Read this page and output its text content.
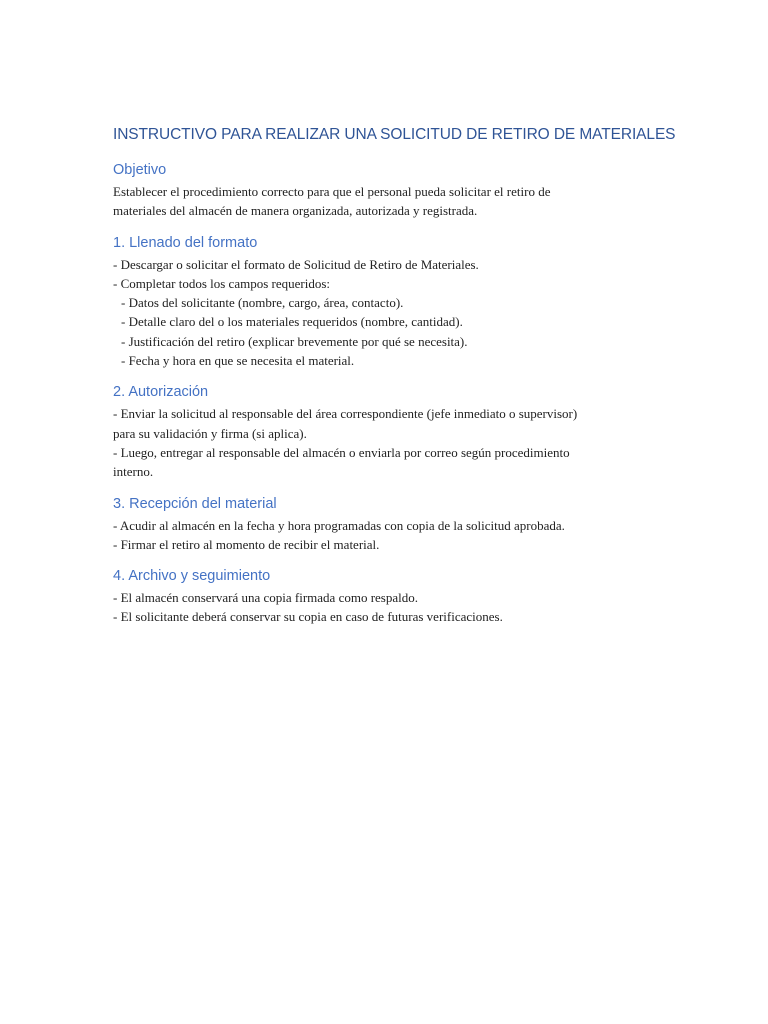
INSTRUCTIVO PARA REALIZAR UNA SOLICITUD DE RETIRO DE MATERIALES
Objetivo

Establecer el procedimiento correcto para que el personal pueda solicitar el retiro de

materiales del almacén de manera organizada, autorizada y registrada.

1. Llenado del formato

- Descargar o solicitar el formato de Solicitud de Retiro de Materiales.

- Completar todos los campos requeridos:

- Datos del solicitante (nombre, cargo, área, contacto).

- Detalle claro del o los materiales requeridos (nombre, cantidad).

- Justificación del retiro (explicar brevemente por qué se necesita).

- Fecha y hora en que se necesita el material.

2. Autorización

- Enviar la solicitud al responsable del área correspondiente (jefe inmediato o supervisor)

para su validación y firma (si aplica).

- Luego, entregar al responsable del almacén o enviarla por correo según procedimiento

interno.

3. Recepción del material

- Acudir al almacén en la fecha y hora programadas con copia de la solicitud aprobada.

- Firmar el retiro al momento de recibir el material.

4. Archivo y seguimiento

- El almacén conservará una copia firmada como respaldo.

- El solicitante deberá conservar su copia en caso de futuras verificaciones.
